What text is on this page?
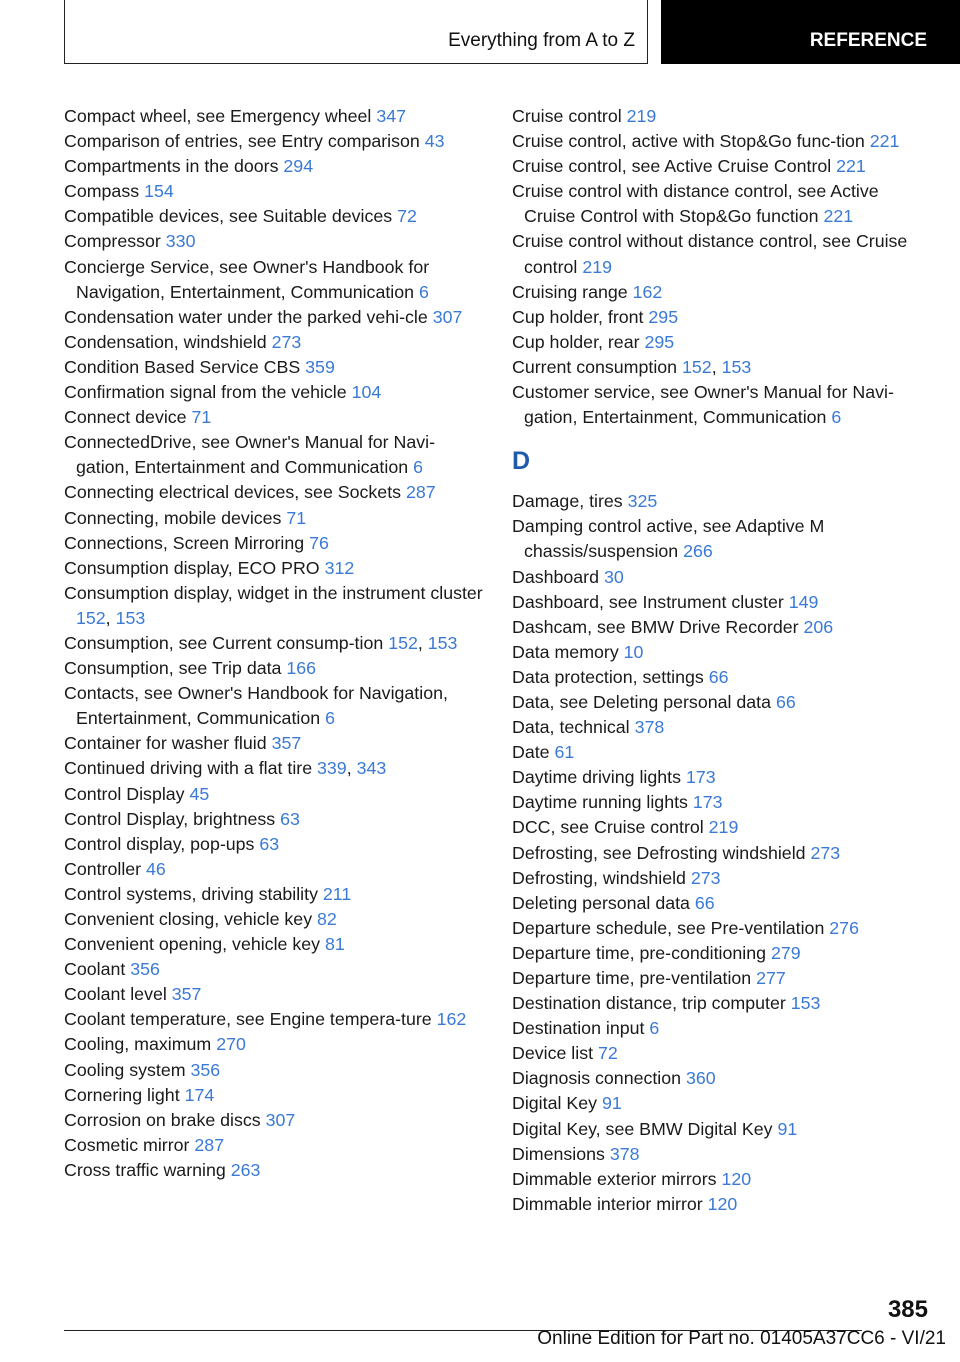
Everything from A to Z	REFERENCE

Compact wheel, see Emergency wheel 347

Comparison of entries, see Entry comparison 43

Compartments in the doors 294

Compass 154

Compatible devices, see Suitable devices 72

Compressor 330

Concierge Service, see Owner's Handbook for Navigation, Entertainment, Communication 6

Condensation water under the parked vehi‐cle 307

Condensation, windshield 273

Condition Based Service CBS 359

Confirmation signal from the vehicle 104

Connect device 71

ConnectedDrive, see Owner's Manual for Navi‐gation, Entertainment and Communication 6

Connecting electrical devices, see Sockets 287

Connecting, mobile devices 71

Connections, Screen Mirroring 76

Consumption display, ECO PRO 312

Consumption display, widget in the instrument cluster 152, 153

Consumption, see Current consump‐tion 152, 153

Consumption, see Trip data 166

Contacts, see Owner's Handbook for Navigation, Entertainment, Communication 6

Container for washer fluid 357

Continued driving with a flat tire 339, 343

Control Display 45

Control Display, brightness 63

Control display, pop-ups 63

Controller 46

Control systems, driving stability 211

Convenient closing, vehicle key 82

Convenient opening, vehicle key 81

Coolant 356

Coolant level 357

Coolant temperature, see Engine tempera‐ture 162

Cooling, maximum 270

Cooling system 356

Cornering light 174

Corrosion on brake discs 307

Cosmetic mirror 287

Cross traffic warning 263

Cruise control 219

Cruise control, active with Stop&Go func‐tion 221

Cruise control, see Active Cruise Control 221

Cruise control with distance control, see Active Cruise Control with Stop&Go function 221

Cruise control without distance control, see Cruise control 219

Cruising range 162

Cup holder, front 295

Cup holder, rear 295

Current consumption 152, 153

Customer service, see Owner's Manual for Navi‐gation, Entertainment, Communication 6

D

Damage, tires 325

Damping control active, see Adaptive M chassis/suspension 266

Dashboard 30

Dashboard, see Instrument cluster 149

Dashcam, see BMW Drive Recorder 206

Data memory 10

Data protection, settings 66

Data, see Deleting personal data 66

Data, technical 378

Date 61

Daytime driving lights 173

Daytime running lights 173

DCC, see Cruise control 219

Defrosting, see Defrosting windshield 273

Defrosting, windshield 273

Deleting personal data 66

Departure schedule, see Pre-ventilation 276

Departure time, pre-conditioning 279

Departure time, pre-ventilation 277

Destination distance, trip computer 153

Destination input 6

Device list 72

Diagnosis connection 360

Digital Key 91

Digital Key, see BMW Digital Key 91

Dimensions 378

Dimmable exterior mirrors 120

Dimmable interior mirror 120

385
Online Edition for Part no. 01405A37CC6 - VI/21
